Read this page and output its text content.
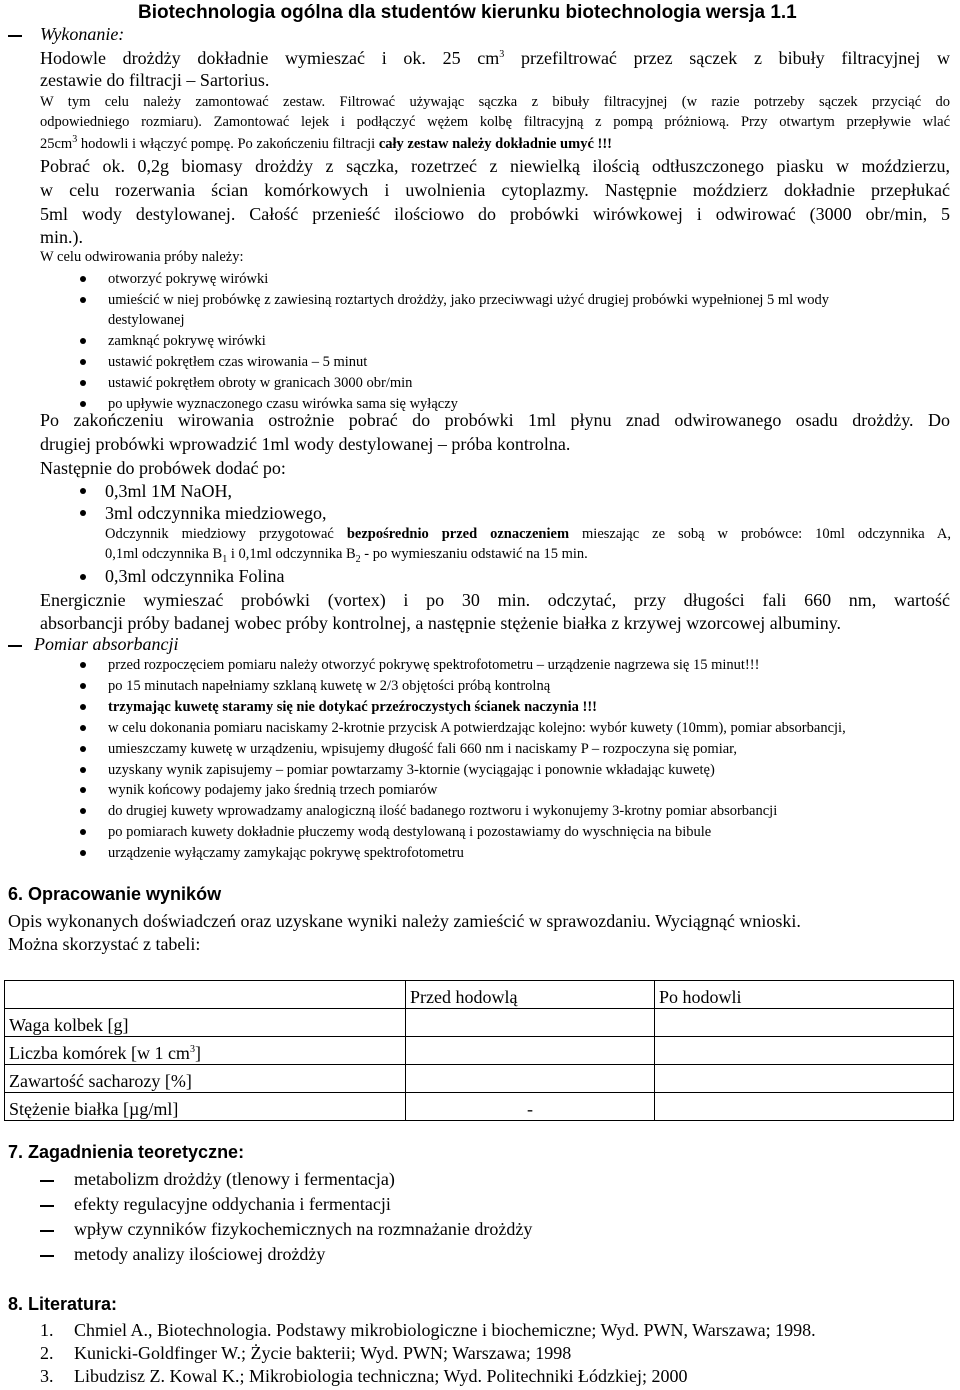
Biotechnologia ogólna dla studentów kierunku biotechnologia wersja 1.1
Wykonanie:
Hodowle drożdży dokładnie wymieszać i ok. 25 $cm^3$ przefiltrować przez sączek z bibuły filtracyjnej w
zestawie do filtracji – Sartorius.
W tym celu należy zamontować zestaw. Filtrować używając sączka z bibuły filtracyjnej (w razie potrzeby sączek przyciąć do
odpowiedniego rozmiaru). Zamontować lejek i podłączyć wężem kolbę filtracyjną z pompą próżniową. Przy otwartym przepływie wlać
$25cm^3$ hodowli i włączyć pompę. Po zakończeniu filtracji cały zestaw należy dokładnie umyć !!!
Pobrać ok. 0,2g biomasy drożdży z sączka, rozetrzeć z niewielką ilością odtłuszczonego piasku w moździerzu,
w celu rozerwania ścian komórkowych i uwolnienia cytoplazmy. Następnie moździerz dokładnie przepłukać
5ml wody destylowanej. Całość przenieść ilościowo do probówki wirówkowej i odwirować (3000 obr/min, 5
min.).
W celu odwirowania próby należy:
otworzyć pokrywę wirówki
umieścić w niej probówkę z zawiesiną roztartych drożdży, jako przeciwwagi użyć drugiej probówki wypełnionej 5 ml wody
destylowanej
zamknąć pokrywę wirówki
ustawić pokrętłem czas wirowania – 5 minut
ustawić pokrętłem obroty w granicach 3000 obr/min
po upływie wyznaczonego czasu wirówka sama się wyłączy
Po zakończeniu wirowania ostrożnie pobrać do probówki 1ml płynu znad odwirowanego osadu drożdży. Do
drugiej probówki wprowadzić 1ml wody destylowanej – próba kontrolna.
Następnie do probówek dodać po:
0,3ml 1M NaOH,
3ml odczynnika miedziowego,
Odczynnik miedziowy przygotować bezpośrednio przed oznaczeniem mieszając ze sobą w probówce: 10ml odczynnika A,
0,1ml odczynnika $B_1$ i 0,1ml odczynnika $B_2$ - po wymieszaniu odstawić na 15 min.
0,3ml odczynnika Folina
Energicznie wymieszać probówki (vortex) i po 30 min. odczytać, przy długości fali 660 nm, wartość
absorbancji próby badanej wobec próby kontrolnej, a następnie stężenie białka z krzywej wzorcowej albuminy.
Pomiar absorbancji
przed rozpoczęciem pomiaru należy otworzyć pokrywę spektrofotometru – urządzenie nagrzewa się 15 minut!!!
po 15 minutach napełniamy szklaną kuwetę w 2/3 objętości próbą kontrolną
trzymając kuwetę staramy się nie dotykać przeźroczystych ścianek naczynia !!!
w celu dokonania pomiaru naciskamy 2-krotnie przycisk A potwierdzając kolejno: wybór kuwety (10mm), pomiar absorbancji,
umieszczamy kuwetę w urządzeniu, wpisujemy długość fali 660 nm i naciskamy P – rozpoczyna się pomiar,
uzyskany wynik zapisujemy – pomiar powtarzamy 3-ktornie (wyciągając i ponownie wkładając kuwetę)
wynik końcowy podajemy jako średnią trzech pomiarów
do drugiej kuwety wprowadzamy analogiczną ilość badanego roztworu i wykonujemy 3-krotny pomiar absorbancji
po pomiarach kuwety dokładnie płuczemy wodą destylowaną i pozostawiamy do wyschnięcia na bibule
urządzenie wyłączamy zamykając pokrywę spektrofotometru
6. Opracowanie wyników
Opis wykonanych doświadczeń oraz uzyskane wyniki należy zamieścić w sprawozdaniu. Wyciągnąć wnioski.
Można skorzystać z tabeli:
	Przed hodowlą	Po hodowli
Waga kolbek [g]		
Liczba komórek [w 1 $cm^3$]		
Zawartość sacharozy [%]		
Stężenie białka [µg/ml]	-	
7. Zagadnienia teoretyczne:
metabolizm drożdży (tlenowy i fermentacja)
efekty regulacyjne oddychania i fermentacji
wpływ czynników fizykochemicznych na rozmnażanie drożdży
metody analizy ilościowej drożdży
8. Literatura:
1. Chmiel A., Biotechnologia. Podstawy mikrobiologiczne i biochemiczne; Wyd. PWN, Warszawa; 1998.
2. Kunicki-Goldfinger W.; Życie bakterii; Wyd. PWN; Warszawa; 1998
3. Libudzisz Z. Kowal K.; Mikrobiologia techniczna; Wyd. Politechniki Łódzkiej; 2000
